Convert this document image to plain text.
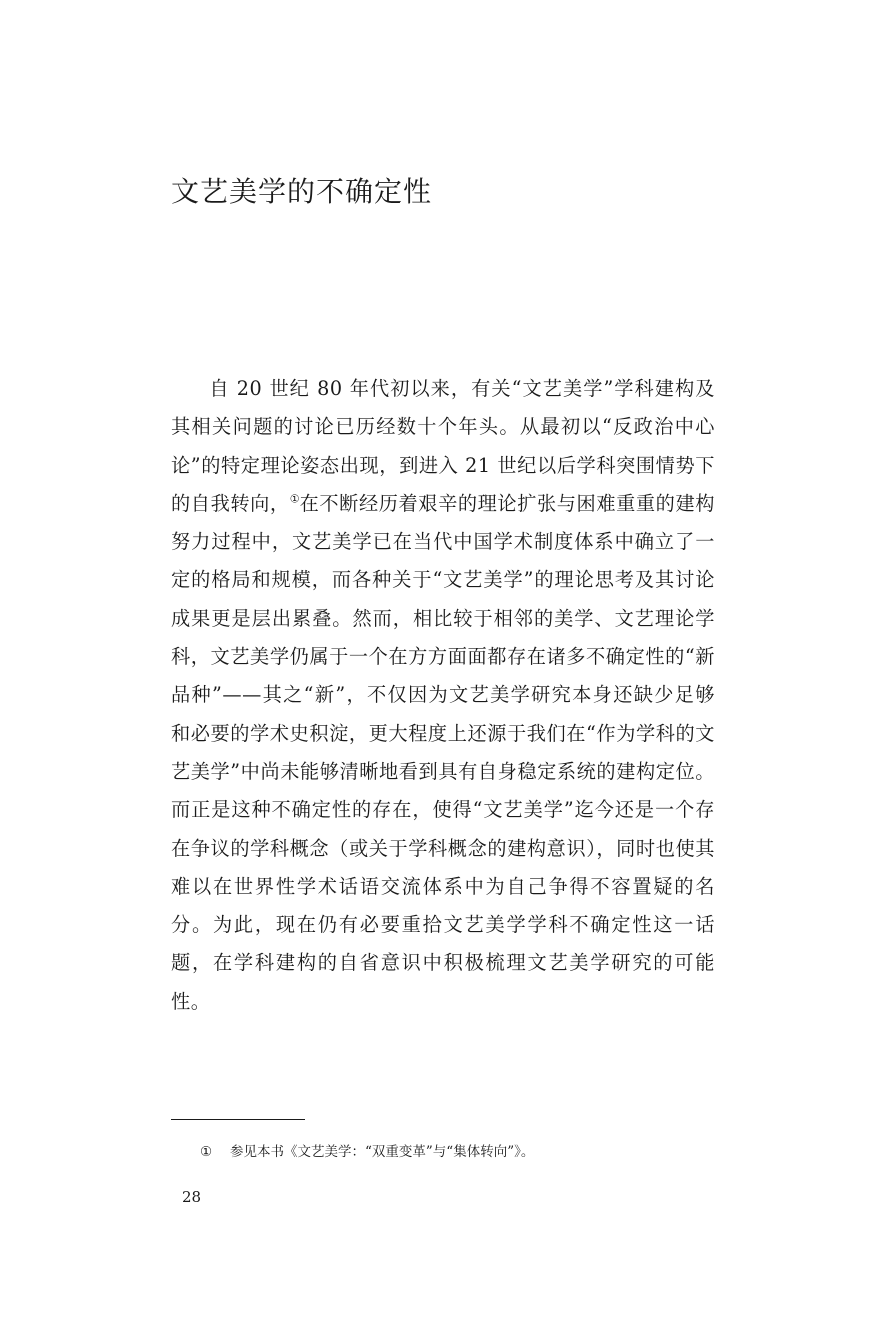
文艺美学的不确定性

自 20 世纪 80 年代初以来，有关“文艺美学”学科建构及其相关问题的讨论已历经数十个年头。从最初以“反政治中心论”的特定理论姿态出现，到进入 21 世纪以后学科突围情势下的自我转向，①在不断经历着艰辛的理论扩张与困难重重的建构努力过程中，文艺美学已在当代中国学术制度体系中确立了一定的格局和规模，而各种关于“文艺美学”的理论思考及其讨论成果更是层出累叠。然而，相比较于相邻的美学、文艺理论学科，文艺美学仍属于一个在方方面面都存在诸多不确定性的“新品种”——其之“新”，不仅因为文艺美学研究本身还缺少足够和必要的学术史积淀，更大程度上还源于我们在“作为学科的文艺美学”中尚未能够清晰地看到具有自身稳定系统的建构定位。而正是这种不确定性的存在，使得“文艺美学”迄今还是一个存在争议的学科概念（或关于学科概念的建构意识），同时也使其难以在世界性学术话语交流体系中为自己争得不容置疑的名分。为此，现在仍有必要重拾文艺美学学科不确定性这一话题，在学科建构的自省意识中积极梳理文艺美学研究的可能性。

① 参见本书《文艺美学：“双重变革”与“集体转向”》。
28
